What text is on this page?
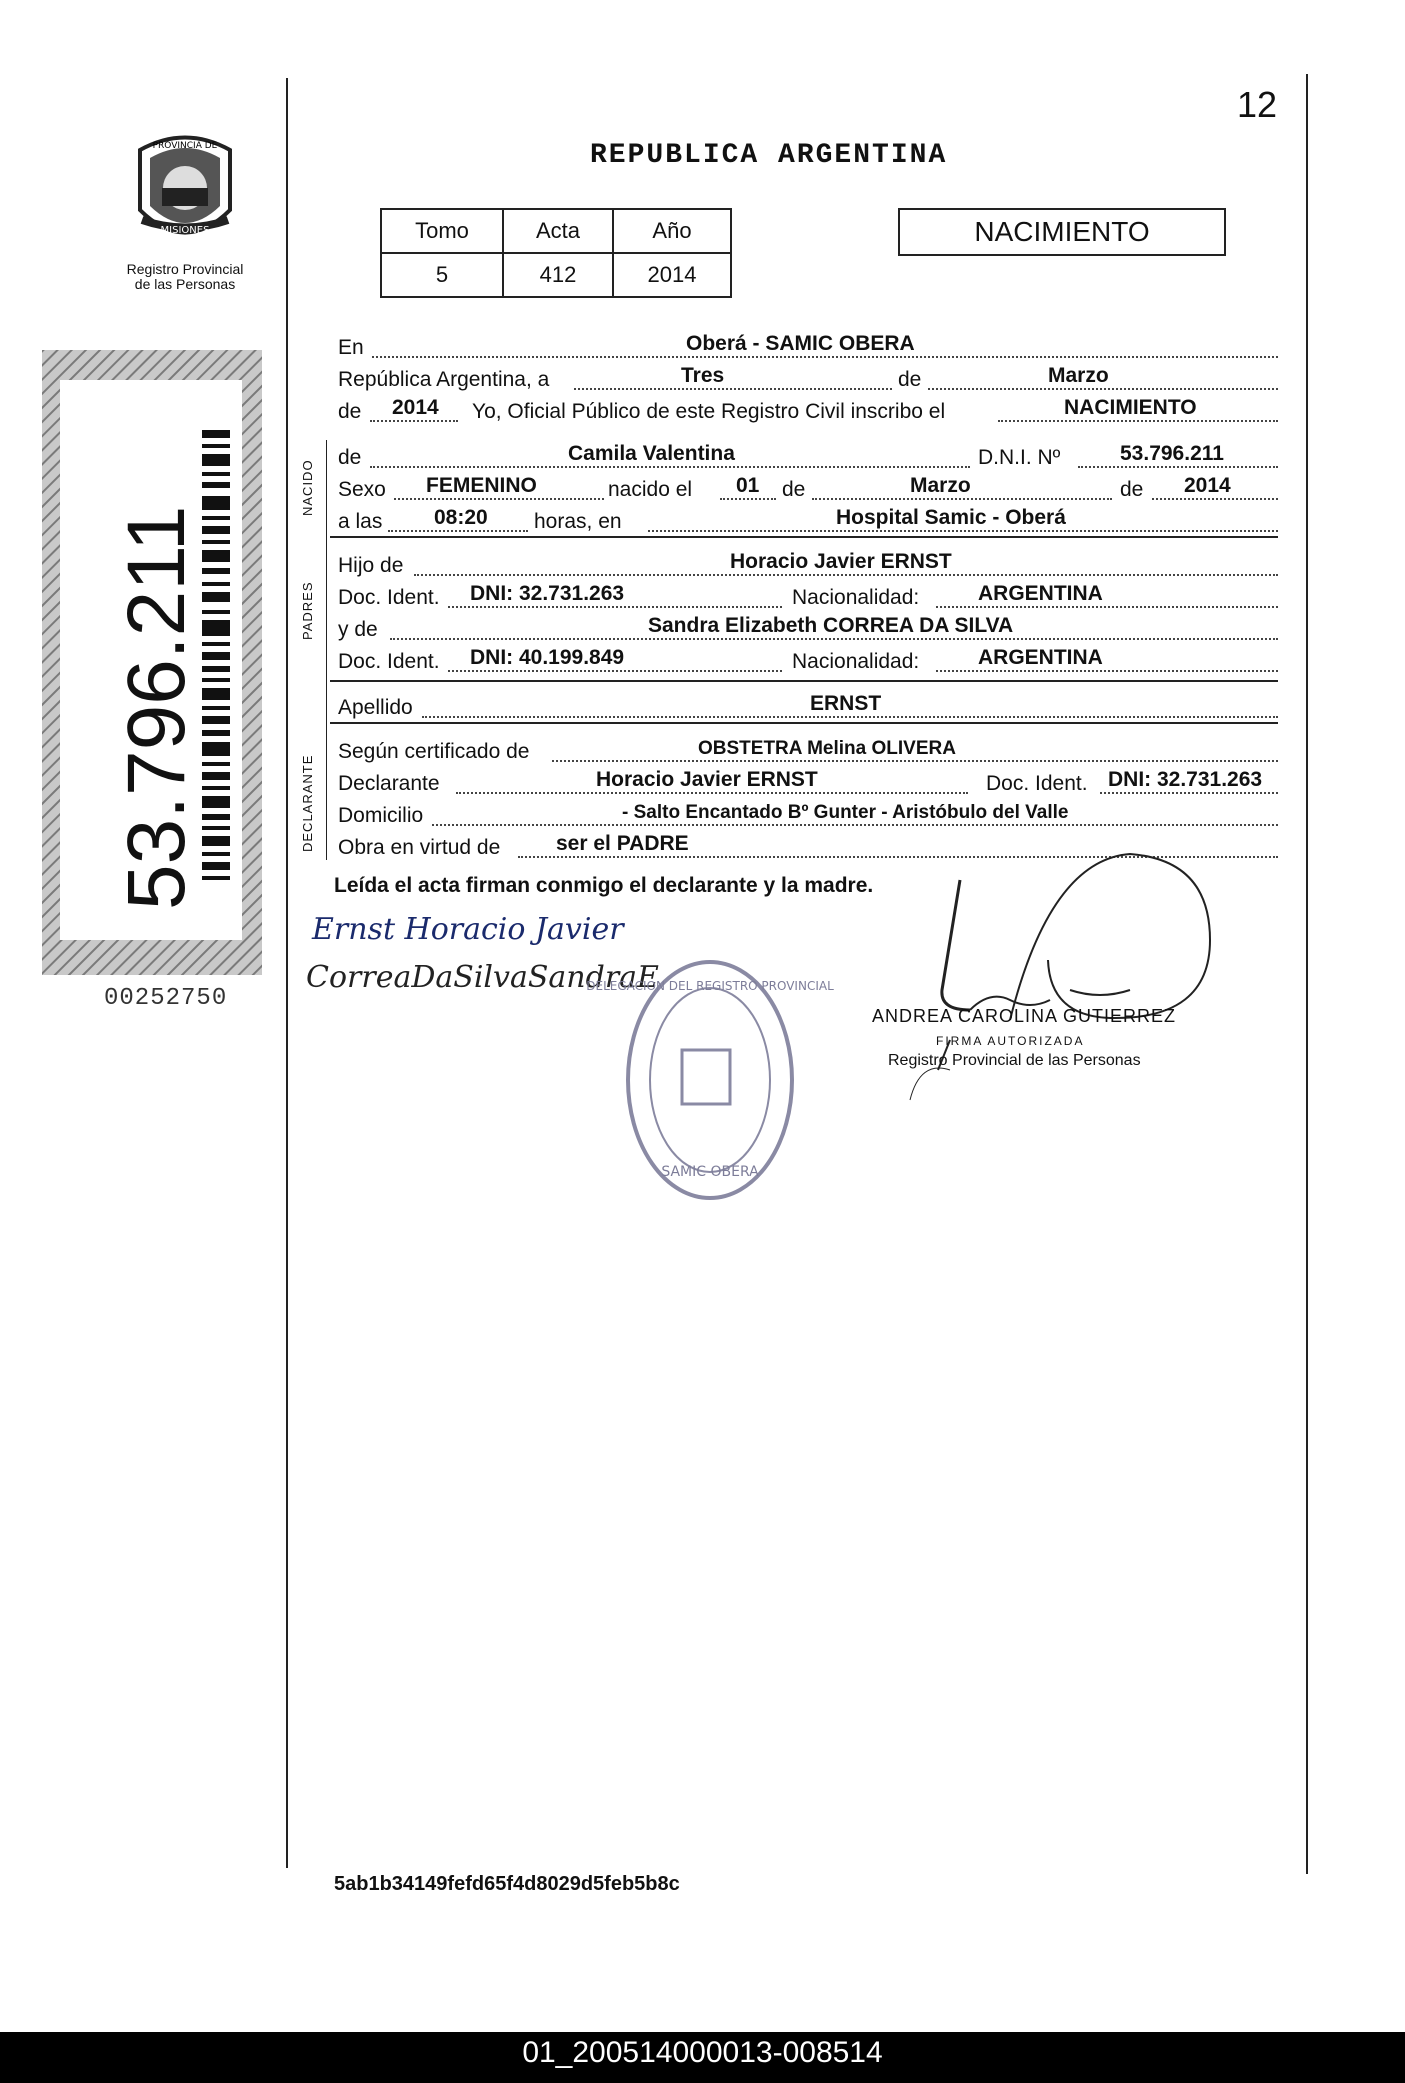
12
REPUBLICA ARGENTINA
Tomo	Acta	Año
5	412	2014
NACIMIENTO
PROVINCIA DE
MISIONES
Registro Provincial
de las Personas
53.796.211
00252750
NACIDO
PADRES
DECLARANTE
En	Oberá - SAMIC OBERA
República Argentina, a	Tres	de	Marzo
de 2014 Yo, Oficial Público de este Registro Civil inscribo el	NACIMIENTO
de	Camila Valentina	D.N.I. Nº	53.796.211
Sexo FEMENINO	nacido el 01 de	Marzo	de 2014
a las 08:20 horas, en	Hospital Samic - Oberá
Hijo de	Horacio Javier ERNST
Doc. Ident. DNI: 32.731.263	Nacionalidad:	ARGENTINA
y de	Sandra Elizabeth CORREA DA SILVA
Doc. Ident. DNI: 40.199.849	Nacionalidad:	ARGENTINA
Apellido	ERNST
Según certificado de	OBSTETRA Melina OLIVERA
Declarante	Horacio Javier ERNST	Doc. Ident. DNI: 32.731.263
Domicilio	- Salto Encantado Bº Gunter - Aristóbulo del Valle
Obra en virtud de	ser el PADRE
Leída el acta firman conmigo el declarante y la madre.
Ernst Horacio Javier
CorreaDaSilvaSandraE
DELEGACION DEL REGISTRO PROVINCIAL
SAMIC OBERA
ANDREA CAROLINA GUTIERREZ
FIRMA AUTORIZADA
Registro Provincial de las Personas
5ab1b34149fefd65f4d8029d5feb5b8c
01_200514000013-008514
